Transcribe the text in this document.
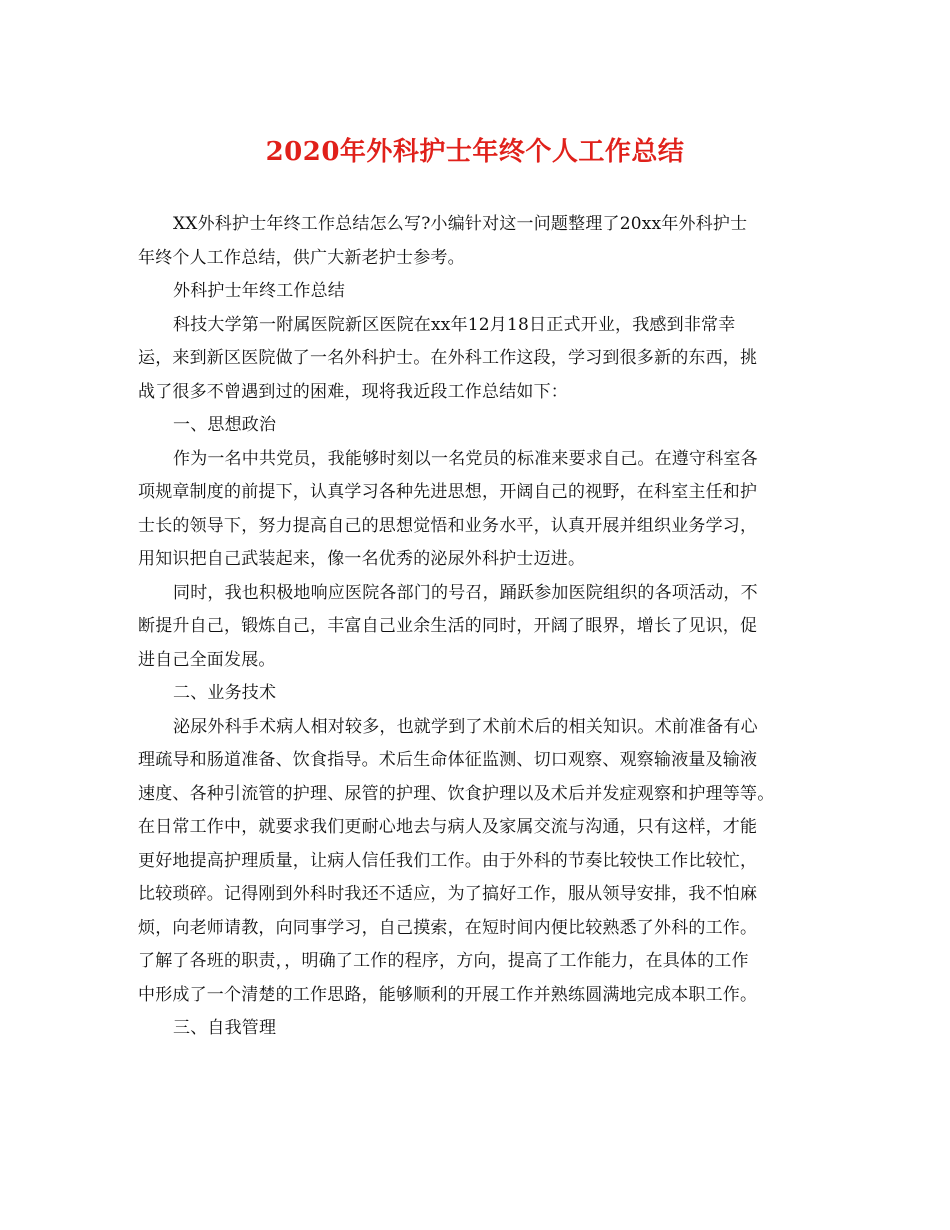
2020年外科护士年终个人工作总结
XX外科护士年终工作总结怎么写?小编针对这一问题整理了20xx年外科护士
年终个人工作总结，供广大新老护士参考。
外科护士年终工作总结
科技大学第一附属医院新区医院在xx年12月18日正式开业，我感到非常幸
运，来到新区医院做了一名外科护士。在外科工作这段，学习到很多新的东西，挑
战了很多不曾遇到过的困难，现将我近段工作总结如下：
一、思想政治
作为一名中共党员，我能够时刻以一名党员的标准来要求自己。在遵守科室各
项规章制度的前提下，认真学习各种先进思想，开阔自己的视野，在科室主任和护
士长的领导下，努力提高自己的思想觉悟和业务水平，认真开展并组织业务学习，
用知识把自己武装起来，像一名优秀的泌尿外科护士迈进。
同时，我也积极地响应医院各部门的号召，踊跃参加医院组织的各项活动，不
断提升自己，锻炼自己，丰富自己业余生活的同时，开阔了眼界，增长了见识，促
进自己全面发展。
二、业务技术
泌尿外科手术病人相对较多，也就学到了术前术后的相关知识。术前准备有心
理疏导和肠道准备、饮食指导。术后生命体征监测、切口观察、观察输液量及输液
速度、各种引流管的护理、尿管的护理、饮食护理以及术后并发症观察和护理等等。
在日常工作中，就要求我们更耐心地去与病人及家属交流与沟通，只有这样，才能
更好地提高护理质量，让病人信任我们工作。由于外科的节奏比较快工作比较忙，
比较琐碎。记得刚到外科时我还不适应，为了搞好工作，服从领导安排，我不怕麻
烦，向老师请教，向同事学习，自己摸索，在短时间内便比较熟悉了外科的工作。
了解了各班的职责，，明确了工作的程序，方向，提高了工作能力，在具体的工作
中形成了一个清楚的工作思路，能够顺利的开展工作并熟练圆满地完成本职工作。
三、自我管理
